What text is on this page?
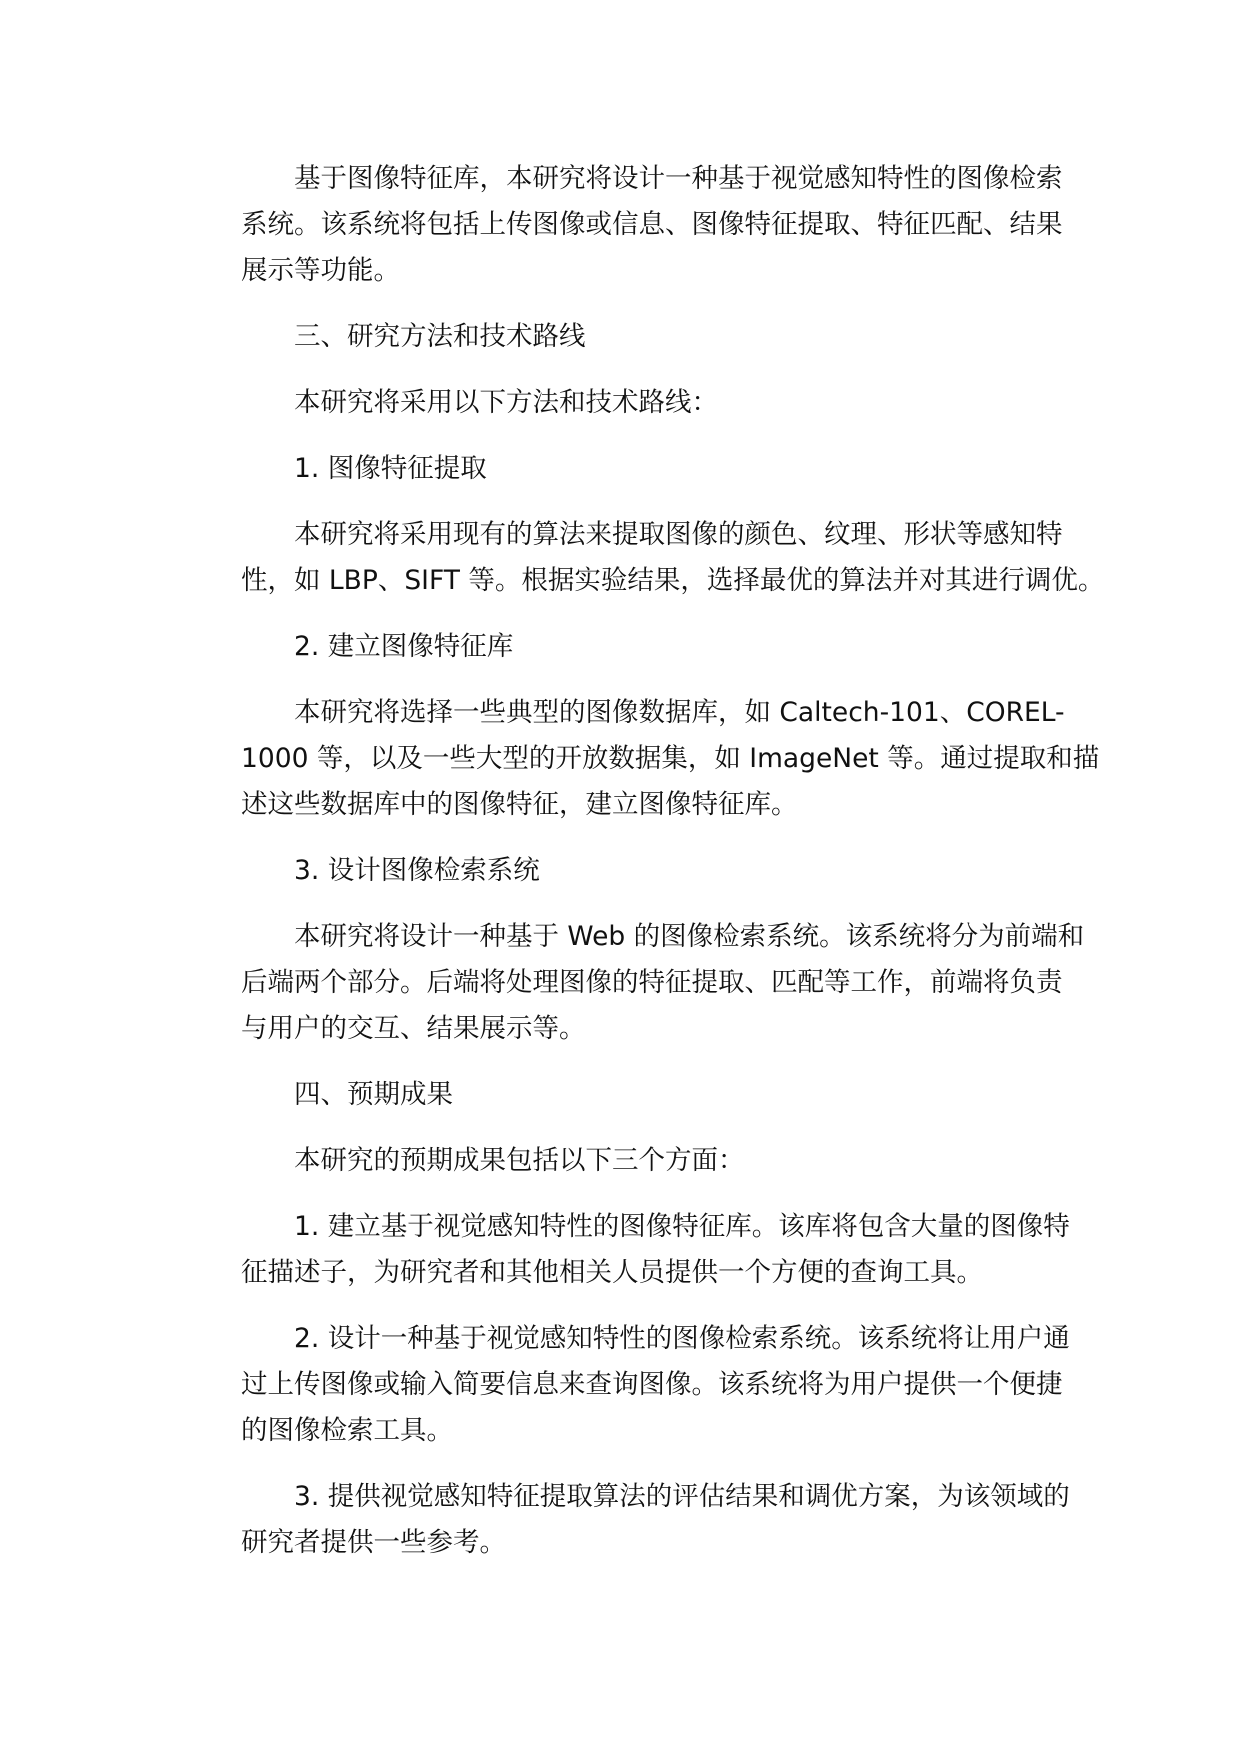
基于图像特征库，本研究将设计一种基于视觉感知特性的图像检索
系统。该系统将包括上传图像或信息、图像特征提取、特征匹配、结果
展示等功能。
三、研究方法和技术路线
本研究将采用以下方法和技术路线：
1. 图像特征提取
本研究将采用现有的算法来提取图像的颜色、纹理、形状等感知特
性，如 LBP、SIFT 等。根据实验结果，选择最优的算法并对其进行调优。
2. 建立图像特征库
本研究将选择一些典型的图像数据库，如 Caltech-101、COREL-
1000 等，以及一些大型的开放数据集，如 ImageNet 等。通过提取和描
述这些数据库中的图像特征，建立图像特征库。
3. 设计图像检索系统
本研究将设计一种基于 Web 的图像检索系统。该系统将分为前端和
后端两个部分。后端将处理图像的特征提取、匹配等工作，前端将负责
与用户的交互、结果展示等。
四、预期成果
本研究的预期成果包括以下三个方面：
1. 建立基于视觉感知特性的图像特征库。该库将包含大量的图像特
征描述子，为研究者和其他相关人员提供一个方便的查询工具。
2. 设计一种基于视觉感知特性的图像检索系统。该系统将让用户通
过上传图像或输入简要信息来查询图像。该系统将为用户提供一个便捷
的图像检索工具。
3. 提供视觉感知特征提取算法的评估结果和调优方案，为该领域的
研究者提供一些参考。
